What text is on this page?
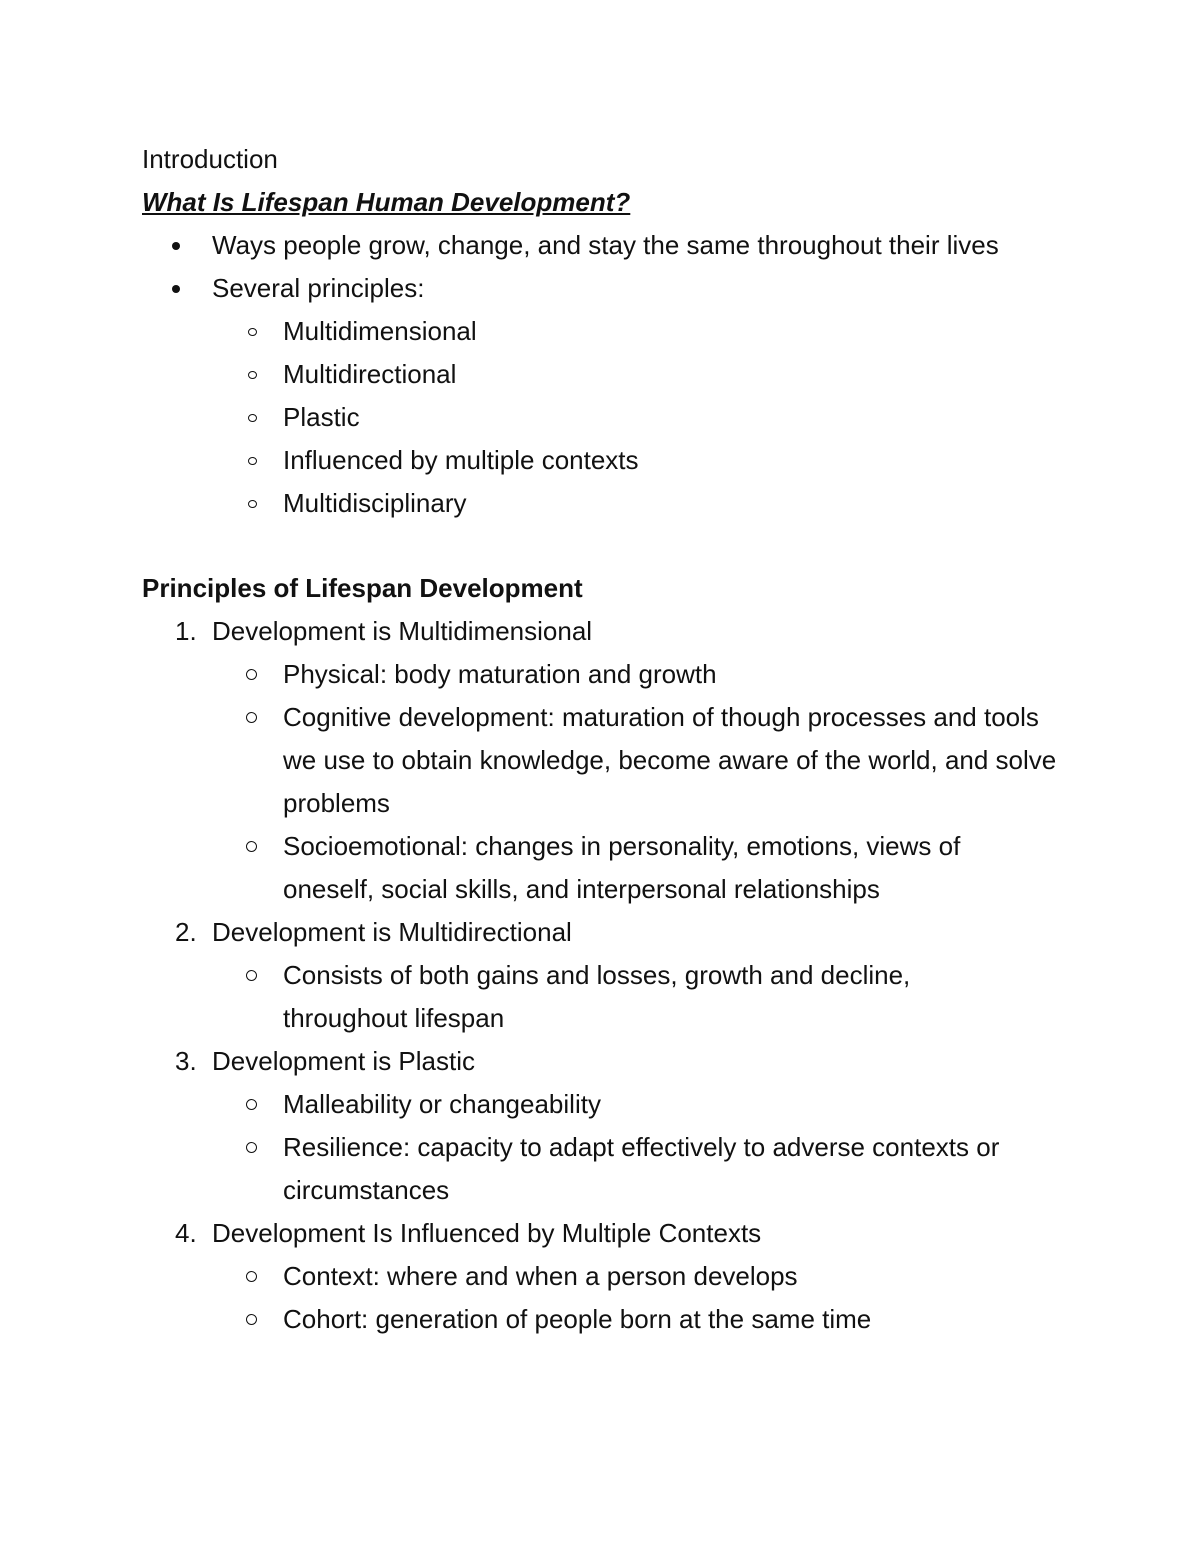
Introduction
What Is Lifespan Human Development?
Ways people grow, change, and stay the same throughout their lives
Several principles:
Multidimensional
Multidirectional
Plastic
Influenced by multiple contexts
Multidisciplinary
Principles of Lifespan Development
1. Development is Multidimensional
Physical: body maturation and growth
Cognitive development: maturation of though processes and tools we use to obtain knowledge, become aware of the world, and solve problems
Socioemotional: changes in personality, emotions, views of oneself, social skills, and interpersonal relationships
2. Development is Multidirectional
Consists of both gains and losses, growth and decline, throughout lifespan
3. Development is Plastic
Malleability or changeability
Resilience: capacity to adapt effectively to adverse contexts or circumstances
4. Development Is Influenced by Multiple Contexts
Context: where and when a person develops
Cohort: generation of people born at the same time
